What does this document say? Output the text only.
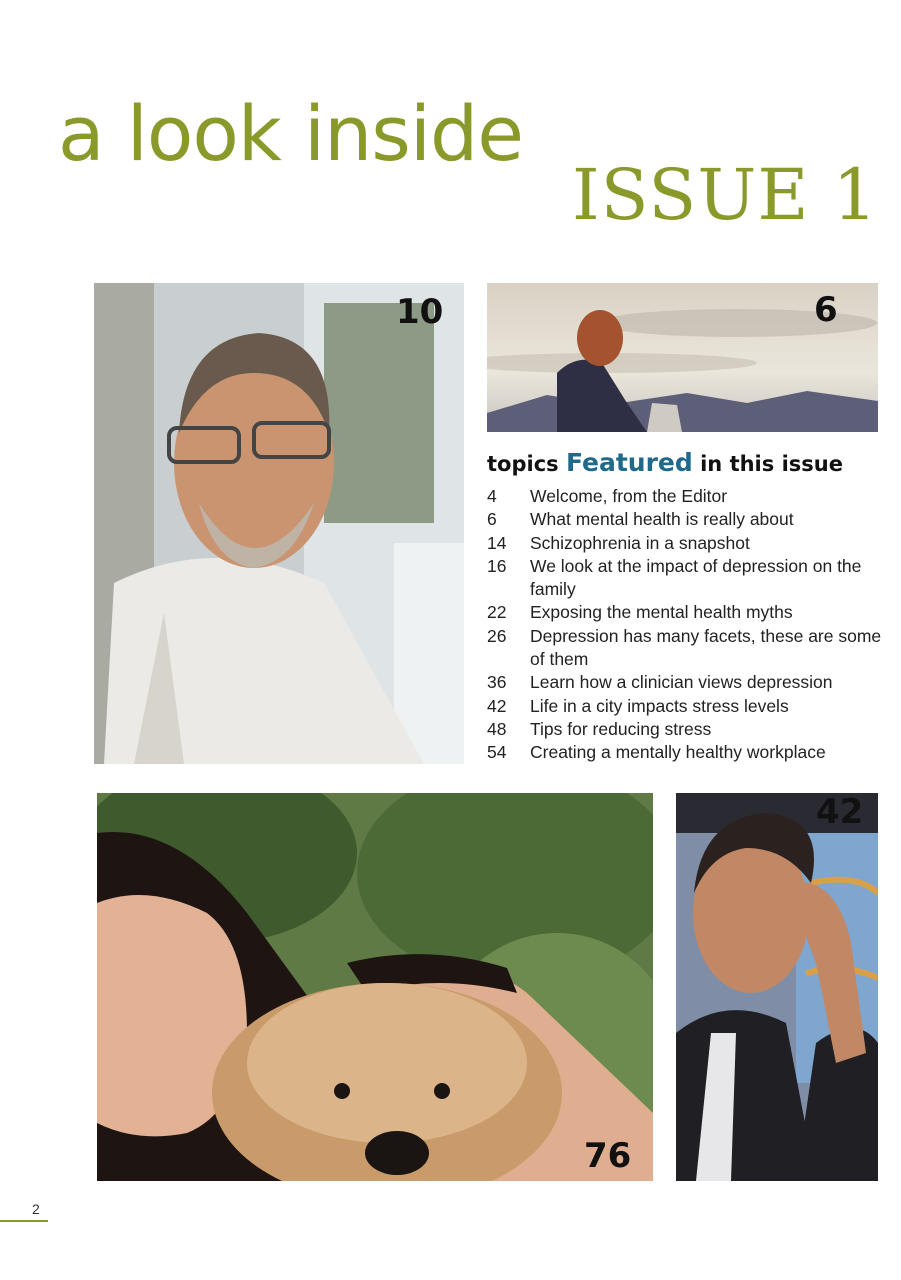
a look inside
ISSUE 1
10	6
topics Featured in this issue
4	Welcome, from the Editor
6	What mental health is really about
14	Schizophrenia in a snapshot
16	We look at the impact of depression on the family
22	Exposing the mental health myths
26	Depression has many facets, these are some of them
36	Learn how a clinician views depression
42	Life in a city impacts stress levels
48	Tips for reducing stress
54	Creating a mentally healthy workplace
76
42
2
